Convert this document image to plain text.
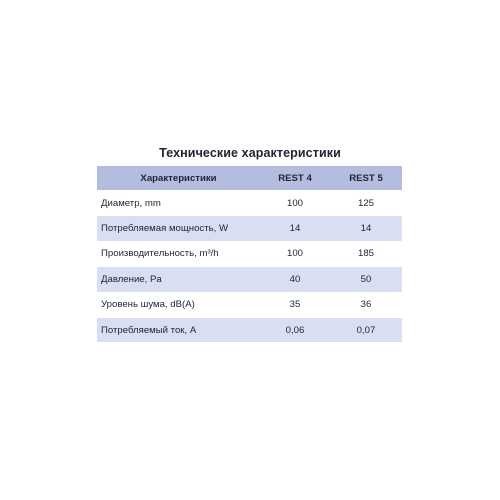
Технические характеристики
Характеристики	REST 4	REST 5
Диаметр, mm	100	125
Потребляемая мощность, W	14	14
Производительность, m³/h	100	185
Давление, Pa	40	50
Уровень шума, dB(A)	35	36
Потребляемый ток, A	0,06	0,07
